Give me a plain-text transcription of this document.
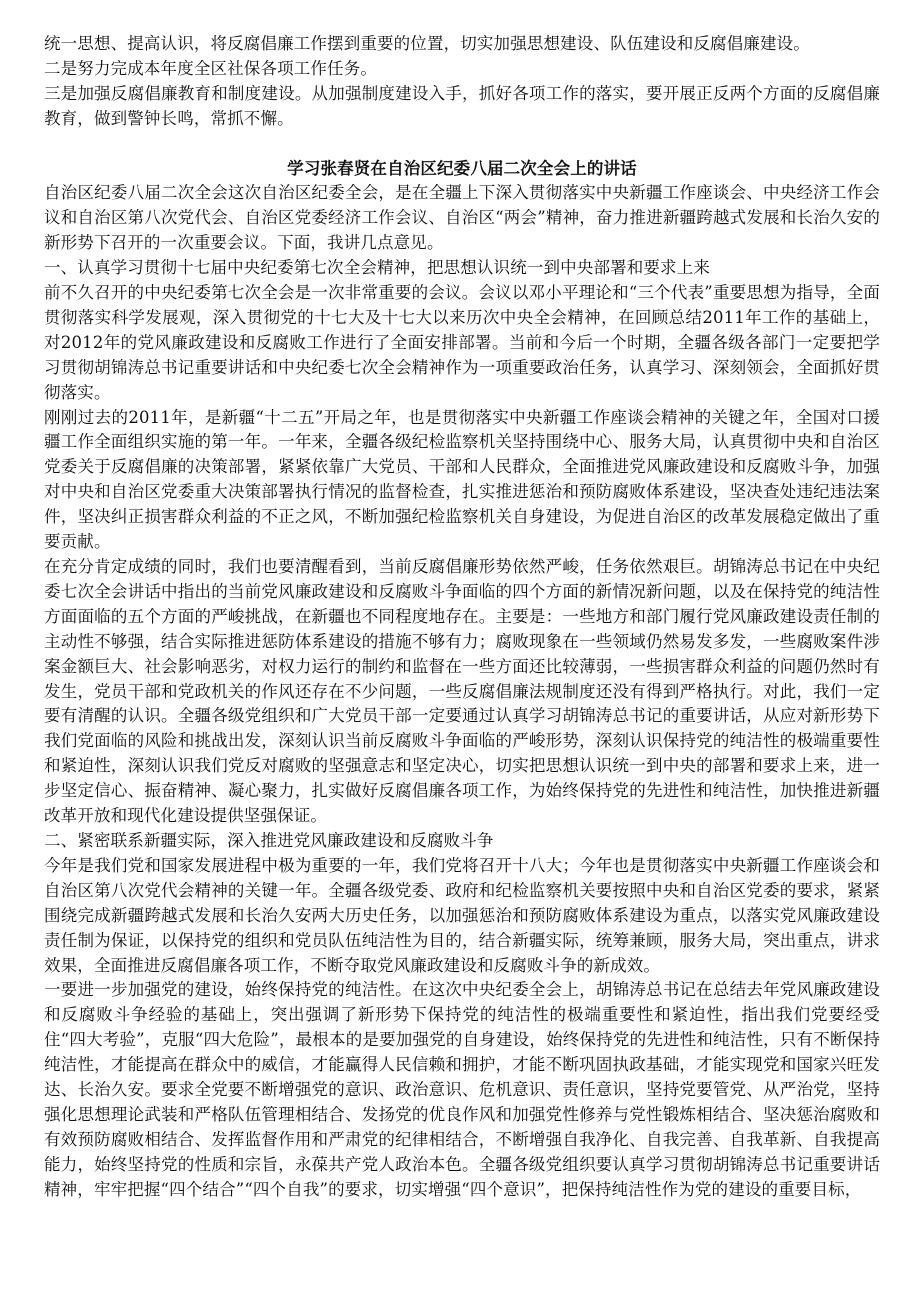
统一思想、提高认识，将反腐倡廉工作摆到重要的位置，切实加强思想建设、队伍建设和反腐倡廉建设。

二是努力完成本年度全区社保各项工作任务。

三是加强反腐倡廉教育和制度建设。从加强制度建设入手，抓好各项工作的落实，要开展正反两个方面的反腐倡廉教育，做到警钟长鸣，常抓不懈。

学习张春贤在自治区纪委八届二次全会上的讲话

自治区纪委八届二次全会这次自治区纪委全会，是在全疆上下深入贯彻落实中央新疆工作座谈会、中央经济工作会议和自治区第八次党代会、自治区党委经济工作会议、自治区“两会”精神，奋力推进新疆跨越式发展和长治久安的新形势下召开的一次重要会议。下面，我讲几点意见。

一、认真学习贯彻十七届中央纪委第七次全会精神，把思想认识统一到中央部署和要求上来

前不久召开的中央纪委第七次全会是一次非常重要的会议。会议以邓小平理论和“三个代表”重要思想为指导，全面贯彻落实科学发展观，深入贯彻党的十七大及十七大以来历次中央全会精神，在回顾总结2011年工作的基础上，对2012年的党风廉政建设和反腐败工作进行了全面安排部署。当前和今后一个时期，全疆各级各部门一定要把学习贯彻胡锦涛总书记重要讲话和中央纪委七次全会精神作为一项重要政治任务，认真学习、深刻领会，全面抓好贯彻落实。

刚刚过去的2011年，是新疆“十二五”开局之年，也是贯彻落实中央新疆工作座谈会精神的关键之年，全国对口援疆工作全面组织实施的第一年。一年来，全疆各级纪检监察机关坚持围绕中心、服务大局，认真贯彻中央和自治区党委关于反腐倡廉的决策部署，紧紧依靠广大党员、干部和人民群众，全面推进党风廉政建设和反腐败斗争，加强对中央和自治区党委重大决策部署执行情况的监督检查，扎实推进惩治和预防腐败体系建设，坚决查处违纪违法案件，坚决纠正损害群众利益的不正之风，不断加强纪检监察机关自身建设，为促进自治区的改革发展稳定做出了重要贡献。

在充分肯定成绩的同时，我们也要清醒看到，当前反腐倡廉形势依然严峻，任务依然艰巨。胡锦涛总书记在中央纪委七次全会讲话中指出的当前党风廉政建设和反腐败斗争面临的四个方面的新情况新问题，以及在保持党的纯洁性方面面临的五个方面的严峻挑战，在新疆也不同程度地存在。主要是：一些地方和部门履行党风廉政建设责任制的主动性不够强，结合实际推进惩防体系建设的措施不够有力；腐败现象在一些领域仍然易发多发，一些腐败案件涉案金额巨大、社会影响恶劣，对权力运行的制约和监督在一些方面还比较薄弱，一些损害群众利益的问题仍然时有发生，党员干部和党政机关的作风还存在不少问题，一些反腐倡廉法规制度还没有得到严格执行。对此，我们一定要有清醒的认识。全疆各级党组织和广大党员干部一定要通过认真学习胡锦涛总书记的重要讲话，从应对新形势下我们党面临的风险和挑战出发，深刻认识当前反腐败斗争面临的严峻形势，深刻认识保持党的纯洁性的极端重要性和紧迫性，深刻认识我们党反对腐败的坚强意志和坚定决心，切实把思想认识统一到中央的部署和要求上来，进一步坚定信心、振奋精神、凝心聚力，扎实做好反腐倡廉各项工作，为始终保持党的先进性和纯洁性，加快推进新疆改革开放和现代化建设提供坚强保证。

二、紧密联系新疆实际，深入推进党风廉政建设和反腐败斗争

今年是我们党和国家发展进程中极为重要的一年，我们党将召开十八大；今年也是贯彻落实中央新疆工作座谈会和自治区第八次党代会精神的关键一年。全疆各级党委、政府和纪检监察机关要按照中央和自治区党委的要求，紧紧围绕完成新疆跨越式发展和长治久安两大历史任务，以加强惩治和预防腐败体系建设为重点，以落实党风廉政建设责任制为保证，以保持党的组织和党员队伍纯洁性为目的，结合新疆实际，统筹兼顾，服务大局，突出重点，讲求效果，全面推进反腐倡廉各项工作，不断夺取党风廉政建设和反腐败斗争的新成效。

一要进一步加强党的建设，始终保持党的纯洁性。在这次中央纪委全会上，胡锦涛总书记在总结去年党风廉政建设和反腐败斗争经验的基础上，突出强调了新形势下保持党的纯洁性的极端重要性和紧迫性，指出我们党要经受住“四大考验”，克服“四大危险”，最根本的是要加强党的自身建设，始终保持党的先进性和纯洁性，只有不断保持纯洁性，才能提高在群众中的威信，才能赢得人民信赖和拥护，才能不断巩固执政基础，才能实现党和国家兴旺发达、长治久安。要求全党要不断增强党的意识、政治意识、危机意识、责任意识，坚持党要管党、从严治党，坚持强化思想理论武装和严格队伍管理相结合、发扬党的优良作风和加强党性修养与党性锻炼相结合、坚决惩治腐败和有效预防腐败相结合、发挥监督作用和严肃党的纪律相结合，不断增强自我净化、自我完善、自我革新、自我提高能力，始终坚持党的性质和宗旨，永葆共产党人政治本色。全疆各级党组织要认真学习贯彻胡锦涛总书记重要讲话精神，牢牢把握“四个结合”“四个自我”的要求，切实增强“四个意识”，把保持纯洁性作为党的建设的重要目标，
